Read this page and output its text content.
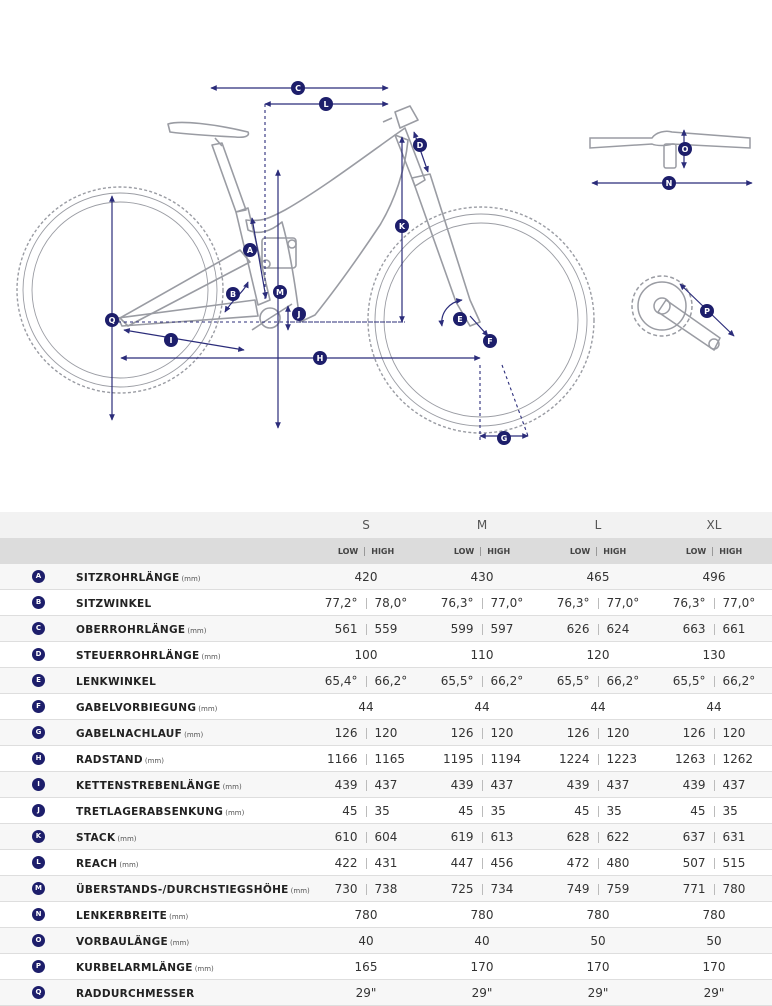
C
L
D
K
A
M
B
J
Q
I
H
E
F
G
O
N
P
		S	M	L	XL
		LOW HIGH	LOW HIGH	LOW HIGH	LOW HIGH

A	SITZROHRLÄNGE (mm)	420	430	465	496

B	SITZWINKEL	77,2° 78,0°	76,3° 77,0°	76,3° 77,0°	76,3° 77,0°

C	OBERROHRLÄNGE (mm)	561 559	599 597	626 624	663 661

D	STEUERROHRLÄNGE (mm)	100	110	120	130

E	LENKWINKEL	65,4° 66,2°	65,5° 66,2°	65,5° 66,2°	65,5° 66,2°

F	GABELVORBIEGUNG (mm)	44	44	44	44

G	GABELNACHLAUF (mm)	126 120	126 120	126 120	126 120

H	RADSTAND (mm)	1166 1165	1195 1194	1224 1223	1263 1262

I	KETTENSTREBENLÄNGE (mm)	439 437	439 437	439 437	439 437

J	TRETLAGERABSENKUNG (mm)	45 35	45 35	45 35	45 35

K	STACK (mm)	610 604	619 613	628 622	637 631

L	REACH (mm)	422 431	447 456	472 480	507 515

M	ÜBERSTANDS-/DURCHSTIEGSHÖHE (mm)	730 738	725 734	749 759	771 780

N	LENKERBREITE (mm)	780	780	780	780

O	VORBAULÄNGE (mm)	40	40	50	50

P	KURBELARMLÄNGE (mm)	165	170	170	170

Q	RADDURCHMESSER	29"	29"	29"	29"
